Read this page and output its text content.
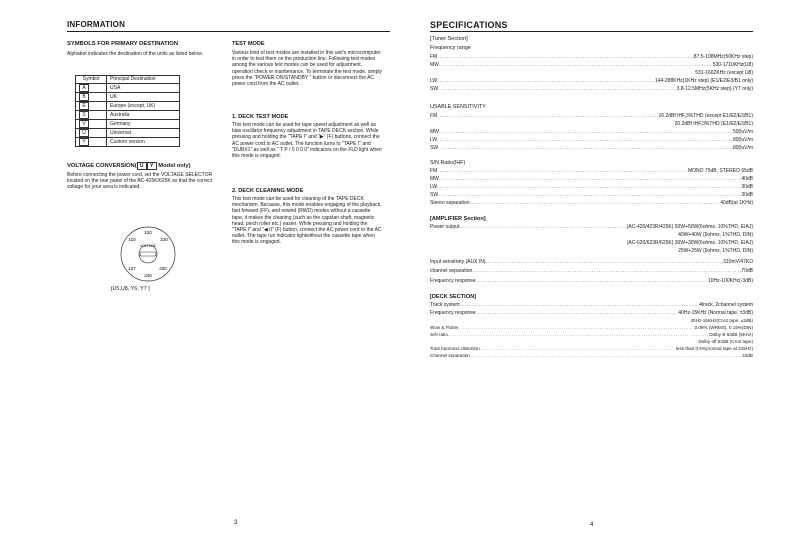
INFORMATION
SYMBOLS FOR PRIMARY DESTINATION
Alphabet indicates the destination of the units as listed below.
Symbol	Principal Destination
A	USA
B	UK
E	Europe (except, UK)
S	Australia
V	Germany
U	Universal
Y	Custom version
VOLTAGE CONVERSION( U Y Model only)
Before connecting the power cord, set the VOLTAGE SELECTOR located on the rear panel of the AC-425K/625K so that the correct voltage for your area is indicated.
120
220
230
240
127
110
VOLTAGE
[U5,U8, Y6, Y7 ]
TEST MODE
Various kind of test modes are installed in this unit's microcomputer in order to test them on the production line. Following test modes among the various test modes can be used for adjustment, operation check or maintenance. To terminate the test mode, simply press the "POWER ON/STANDBY " button or disconnect the AC power cord from the AC outlet.
1. DECK TEST MODE
This test mode can be used for tape speed adjustment as well as bias oscillator frequency adjustment in TAPE DECK section. While pressing and holding the "TAPE I" and "▶" (F) buttons, connect the AC power cord to AC outlet. The function turns to "TAPE I" and "DUBX1" as well as " T P / 0 0 0 0" indicators on the FLD light when this mode is engaged.
2. DECK CLEANING MODE
This test mode can be used for cleaning of the TAPE DECK mechanism. Because, this mode enables engaging of the playback, fast forward (FF), and rewind (RWD) modes without a cassette tape, it makes the cleaning (such as the capstan shaft, magnetic head, pinch roller etc.) easier. While pressing and holding the "TAPE I" and "◀ II" (F) button, connect the AC power cord to the AC outlet. The tape run indicator lightwithout the cassette tape when this mode is engaged.
3
SPECIFICATIONS
[Tuner Section]
Frequency range
FM .....	87.5-108MHz(50KHz step)
MW .....	530-1710KHz(U8)
531-1602KHz (except U8)
LW .....	144-288KHz(1KHz step) (E1/E2/E3/B1 only)
SW .....	3.8-12.5MHz(5KHz step) (Y7 only)
USABLE SENSITIVITY
FM .....	16.2dBf IHF,3%THD (except E1/E2/E3/B1)
20.2dBf IHF,3%THD (E1/E2/E3/B1)
MW .....	500uV/m
LW .....	800uV/m
SW .....	800uV/m
S/N Ratio(IHF)
FM .....	MONO 75dB, STEREO 65dB
MW .....	40dB
LW .....	30dB
SW .....	30dB
Stereo separation .....	40dB(at 1KHz)
[AMPLIFIER Section]
Power output .....	(AC-420/423R/425K) 50W+50W(6ohms, 10%THD, EIAJ)
40W+40W (6ohms, 1%THD, DIN)
(AC-620/623R/625K) 30W+30W(6ohms, 10%THD, EIAJ)
25W+25W (6ohms, 1%THD, DIN)
Input sensitivity (AUX IN) .....	310mV/47KΩ
channel separation .....	70dB
Frequency response .....	10Hz-100KHz(-3dB)
[DECK SECTION]
Track system .....	4track, 2channel system
Frequency response .....	40Hz-15KHz (Normal tape, ±3dB)
40Hz-16KHz(Cro2 tape, ±3dB)
Wow & Flutter .....	0.09% (WRMS), 0.15%(DIN)
S/N ratio .....	Dolby B 63dB (5KHz)
Dolby off 53dB (Cro2 tape)
Total harmonic distortion .....	less than 0.5%(normal tape at 315Hz)
Channel separation .....	43dB
4
